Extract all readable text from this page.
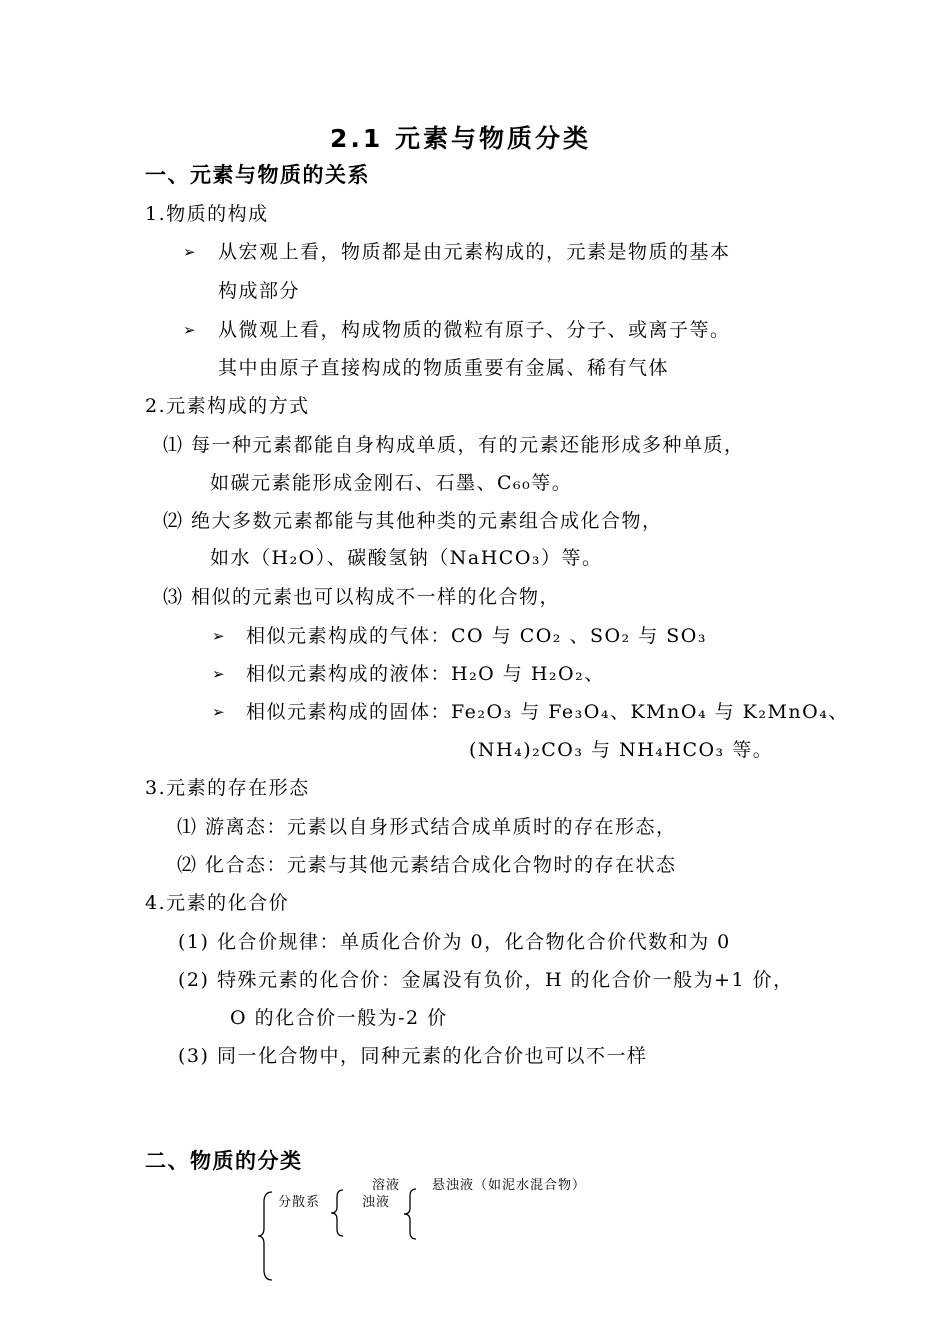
2.1 元素与物质分类
一、元素与物质的关系
1.物质的构成
➢ 从宏观上看，物质都是由元素构成的，元素是物质的基本
构成部分
➢ 从微观上看，构成物质的微粒有原子、分子、或离子等。
其中由原子直接构成的物质重要有金属、稀有气体
2.元素构成的方式
⑴ 每一种元素都能自身构成单质，有的元素还能形成多种单质，
如碳元素能形成金刚石、石墨、C₆₀等。
⑵ 绝大多数元素都能与其他种类的元素组合成化合物，
如水（H₂O）、碳酸氢钠（NaHCO₃）等。
⑶ 相似的元素也可以构成不一样的化合物，
➢ 相似元素构成的气体：CO 与 CO₂ 、SO₂ 与 SO₃
➢ 相似元素构成的液体：H₂O 与 H₂O₂、
➢ 相似元素构成的固体：Fe₂O₃ 与 Fe₃O₄、KMnO₄ 与 K₂MnO₄、
(NH₄)₂CO₃ 与 NH₄HCO₃ 等。
3.元素的存在形态
⑴ 游离态：元素以自身形式结合成单质时的存在形态，
⑵ 化合态：元素与其他元素结合成化合物时的存在状态
4.元素的化合价
(1) 化合价规律：单质化合价为 0，化合物化合价代数和为 0
(2) 特殊元素的化合价：金属没有负价，H 的化合价一般为+1 价，
O 的化合价一般为-2 价
(3) 同一化合物中，同种元素的化合价也可以不一样
二、物质的分类
分散系
溶液
浊液
悬浊液（如泥水混合物）
